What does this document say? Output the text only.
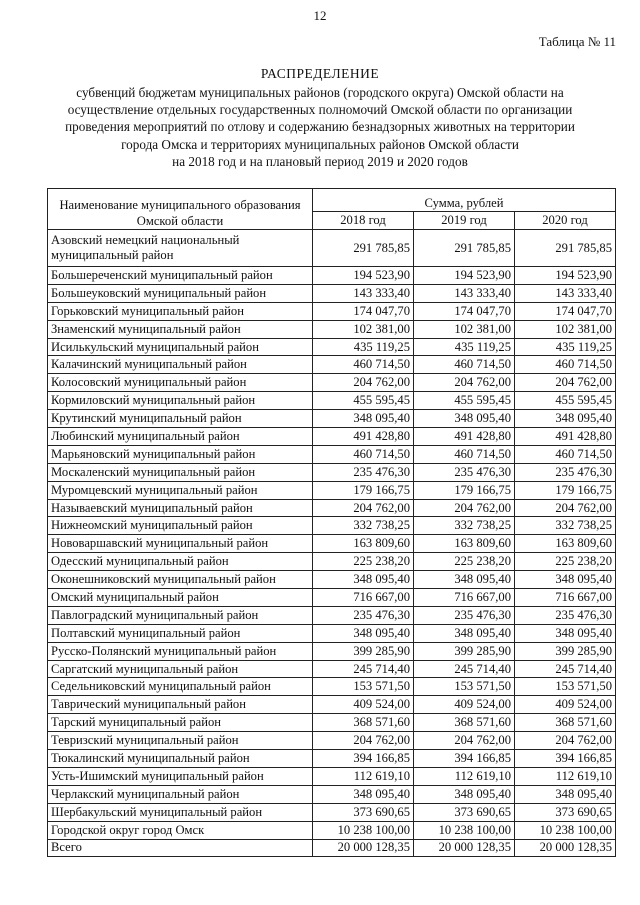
12
Таблица № 11
РАСПРЕДЕЛЕНИЕ
субвенций бюджетам муниципальных районов (городского округа) Омской области на
осуществление отдельных государственных полномочий Омской области по организации
проведения мероприятий по отлову и содержанию безнадзорных животных на территории
города Омска и территориях муниципальных районов Омской области
на 2018 год и на плановый период 2019 и 2020 годов
Наименование муниципального образования Омской области	Сумма, рублей		
	2018 год	2019 год	2020 год
Азовский немецкий национальный муниципальный район	291 785,85	291 785,85	291 785,85
Большереченский муниципальный район	194 523,90	194 523,90	194 523,90
Большеуковский муниципальный район	143 333,40	143 333,40	143 333,40
Горьковский муниципальный район	174 047,70	174 047,70	174 047,70
Знаменский муниципальный район	102 381,00	102 381,00	102 381,00
Исилькульский муниципальный район	435 119,25	435 119,25	435 119,25
Калачинский муниципальный район	460 714,50	460 714,50	460 714,50
Колосовский муниципальный район	204 762,00	204 762,00	204 762,00
Кормиловский муниципальный район	455 595,45	455 595,45	455 595,45
Крутинский муниципальный район	348 095,40	348 095,40	348 095,40
Любинский муниципальный район	491 428,80	491 428,80	491 428,80
Марьяновский муниципальный район	460 714,50	460 714,50	460 714,50
Москаленский муниципальный район	235 476,30	235 476,30	235 476,30
Муромцевский муниципальный район	179 166,75	179 166,75	179 166,75
Называевский муниципальный район	204 762,00	204 762,00	204 762,00
Нижнеомский муниципальный район	332 738,25	332 738,25	332 738,25
Нововаршавский муниципальный район	163 809,60	163 809,60	163 809,60
Одесский муниципальный район	225 238,20	225 238,20	225 238,20
Оконешниковский муниципальный район	348 095,40	348 095,40	348 095,40
Омский муниципальный район	716 667,00	716 667,00	716 667,00
Павлоградский муниципальный район	235 476,30	235 476,30	235 476,30
Полтавский муниципальный район	348 095,40	348 095,40	348 095,40
Русско-Полянский муниципальный район	399 285,90	399 285,90	399 285,90
Саргатский муниципальный район	245 714,40	245 714,40	245 714,40
Седельниковский муниципальный район	153 571,50	153 571,50	153 571,50
Таврический муниципальный район	409 524,00	409 524,00	409 524,00
Тарский муниципальный район	368 571,60	368 571,60	368 571,60
Тевризский муниципальный район	204 762,00	204 762,00	204 762,00
Тюкалинский муниципальный район	394 166,85	394 166,85	394 166,85
Усть-Ишимский муниципальный район	112 619,10	112 619,10	112 619,10
Черлакский муниципальный район	348 095,40	348 095,40	348 095,40
Шербакульский муниципальный район	373 690,65	373 690,65	373 690,65
Городской округ город Омск	10 238 100,00	10 238 100,00	10 238 100,00
Всего	20 000 128,35	20 000 128,35	20 000 128,35
